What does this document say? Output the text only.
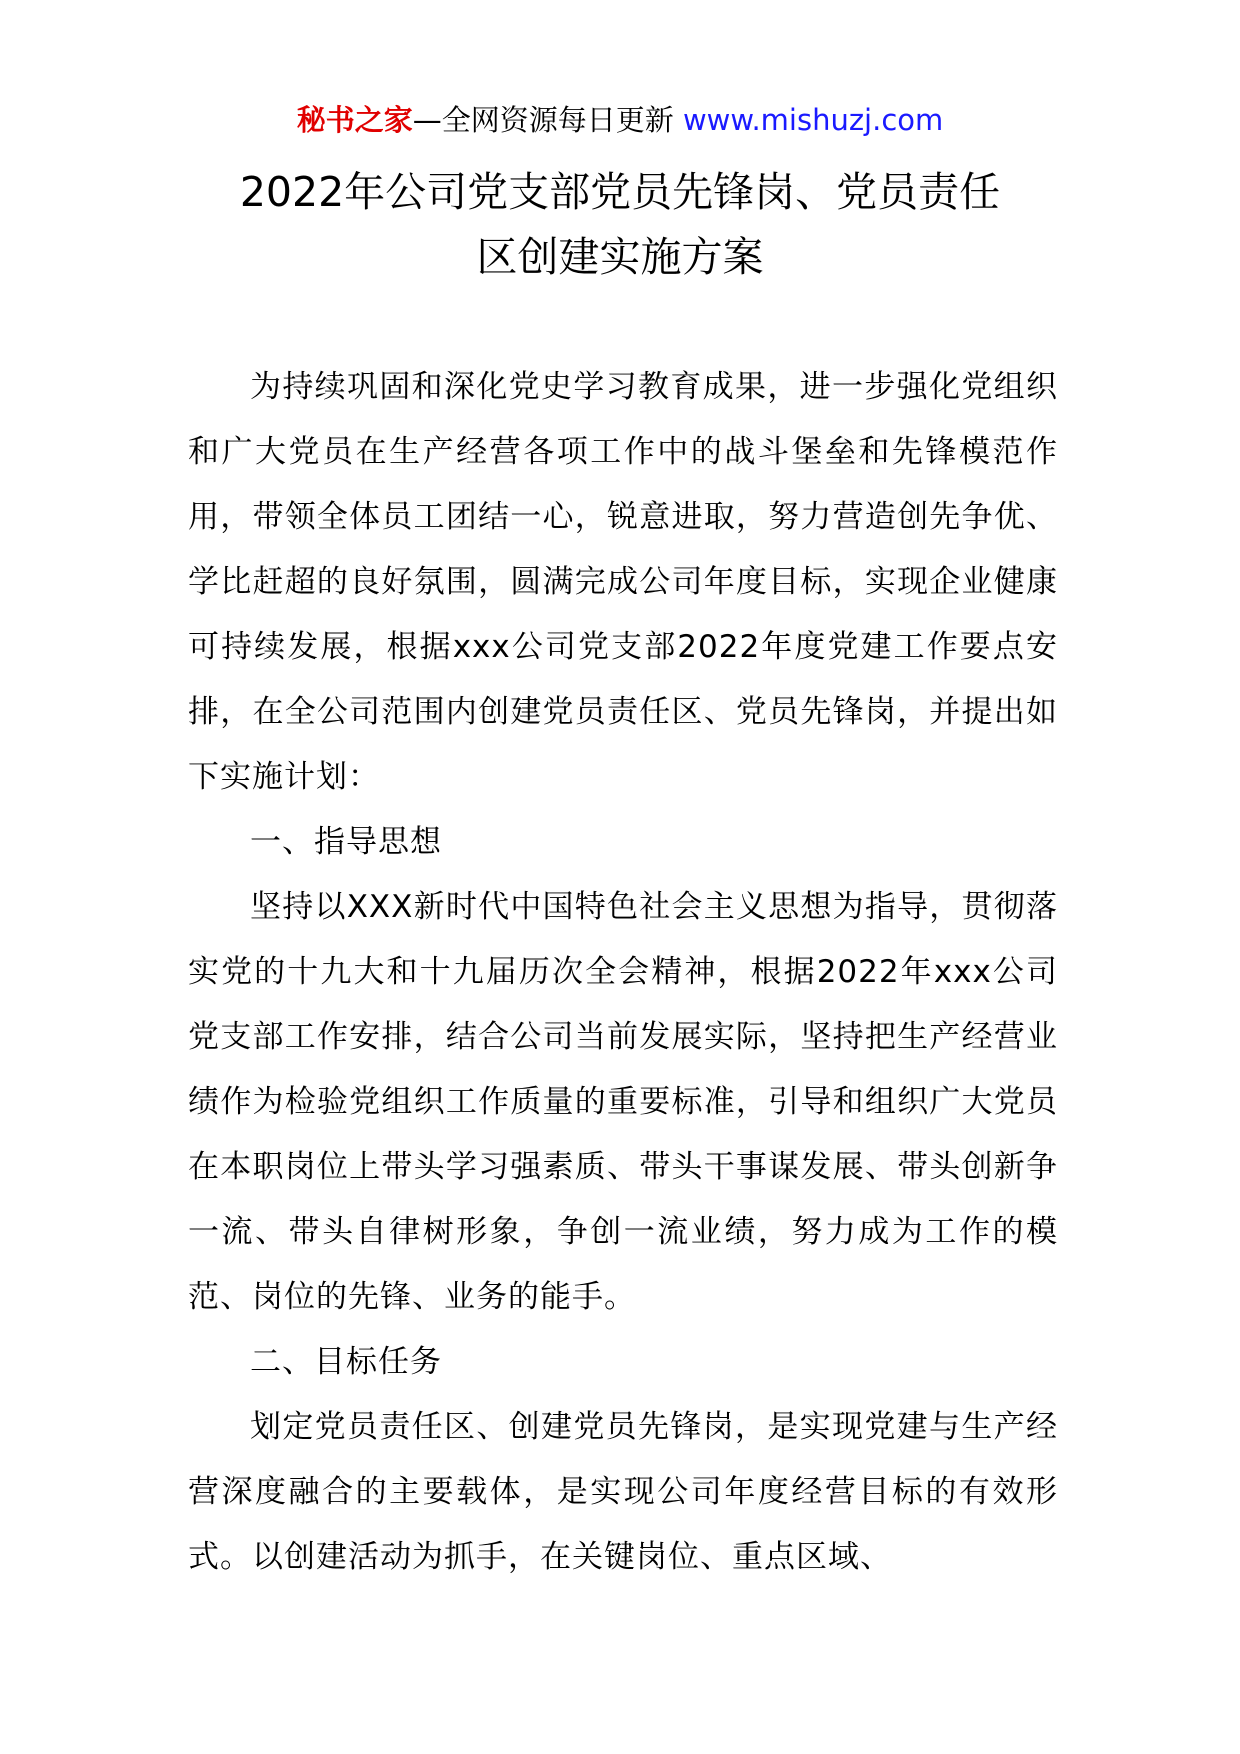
秘书之家—全网资源每日更新 www.mishuzj.com
2022年公司党支部党员先锋岗、党员责任
区创建实施方案

为持续巩固和深化党史学习教育成果，进一步强化党组织和广大党员在生产经营各项工作中的战斗堡垒和先锋模范作用，带领全体员工团结一心，锐意进取，努力营造创先争优、学比赶超的良好氛围，圆满完成公司年度目标，实现企业健康可持续发展，根据xxx公司党支部2022年度党建工作要点安排，在全公司范围内创建党员责任区、党员先锋岗，并提出如下实施计划：

一、指导思想

坚持以XXX新时代中国特色社会主义思想为指导，贯彻落实党的十九大和十九届历次全会精神，根据2022年xxx公司党支部工作安排，结合公司当前发展实际，坚持把生产经营业绩作为检验党组织工作质量的重要标准，引导和组织广大党员在本职岗位上带头学习强素质、带头干事谋发展、带头创新争一流、带头自律树形象，争创一流业绩，努力成为工作的模范、岗位的先锋、业务的能手。

二、目标任务

划定党员责任区、创建党员先锋岗，是实现党建与生产经营深度融合的主要载体，是实现公司年度经营目标的有效形式。以创建活动为抓手，在关键岗位、重点区域、
